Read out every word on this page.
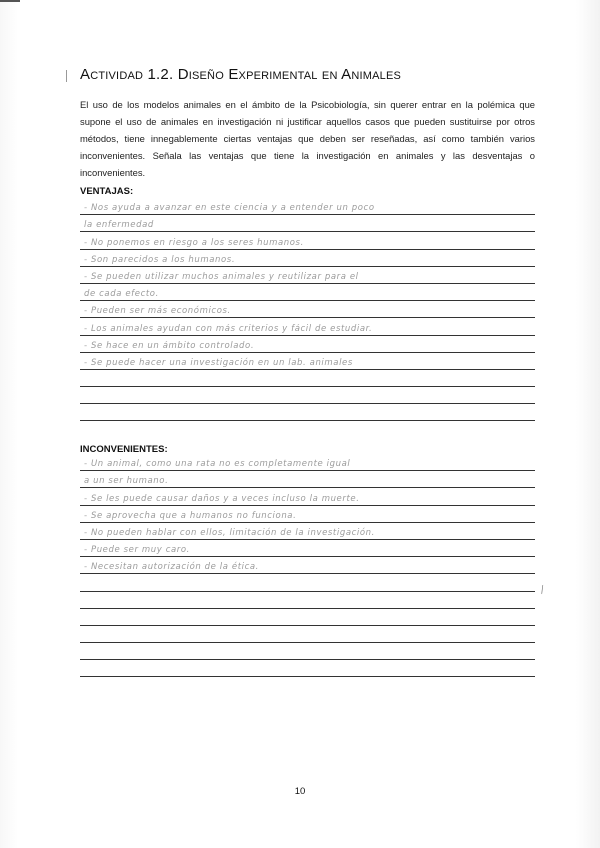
Actividad 1.2. Diseño Experimental en Animales
El uso de los modelos animales en el ámbito de la Psicobiología, sin querer entrar en la polémica que supone el uso de animales en investigación ni justificar aquellos casos que pueden sustituirse por otros métodos, tiene innegablemente ciertas ventajas que deben ser reseñadas, así como también varios inconvenientes. Señala las ventajas que tiene la investigación en animales y las desventajas o inconvenientes.
VENTAJAS:
- Nos ayuda a avanzar en este ciencia y a entender un poco
la enfermedad
- No ponemos en riesgo a los seres humanos.
- Son parecidos a los humanos.
- Se pueden utilizar muchos animales y reutilizar para el
de cada efecto.
- Pueden ser más económicos.
- Los animales ayudan con más criterios y fácil de estudiar.
- Se hace en un ámbito controlado.
- Se puede hacer una investigación en un lab. animales
INCONVENIENTES:
- Un animal, como una rata no es completamente igual
a un ser humano.
- Se les puede causar daños y a veces incluso la muerte.
- Se aprovecha que a humanos no funciona.
- No pueden hablar con ellos, limitación de la investigación.
- Puede ser muy caro.
- Necesitan autorización de la ética.
⁄
10
